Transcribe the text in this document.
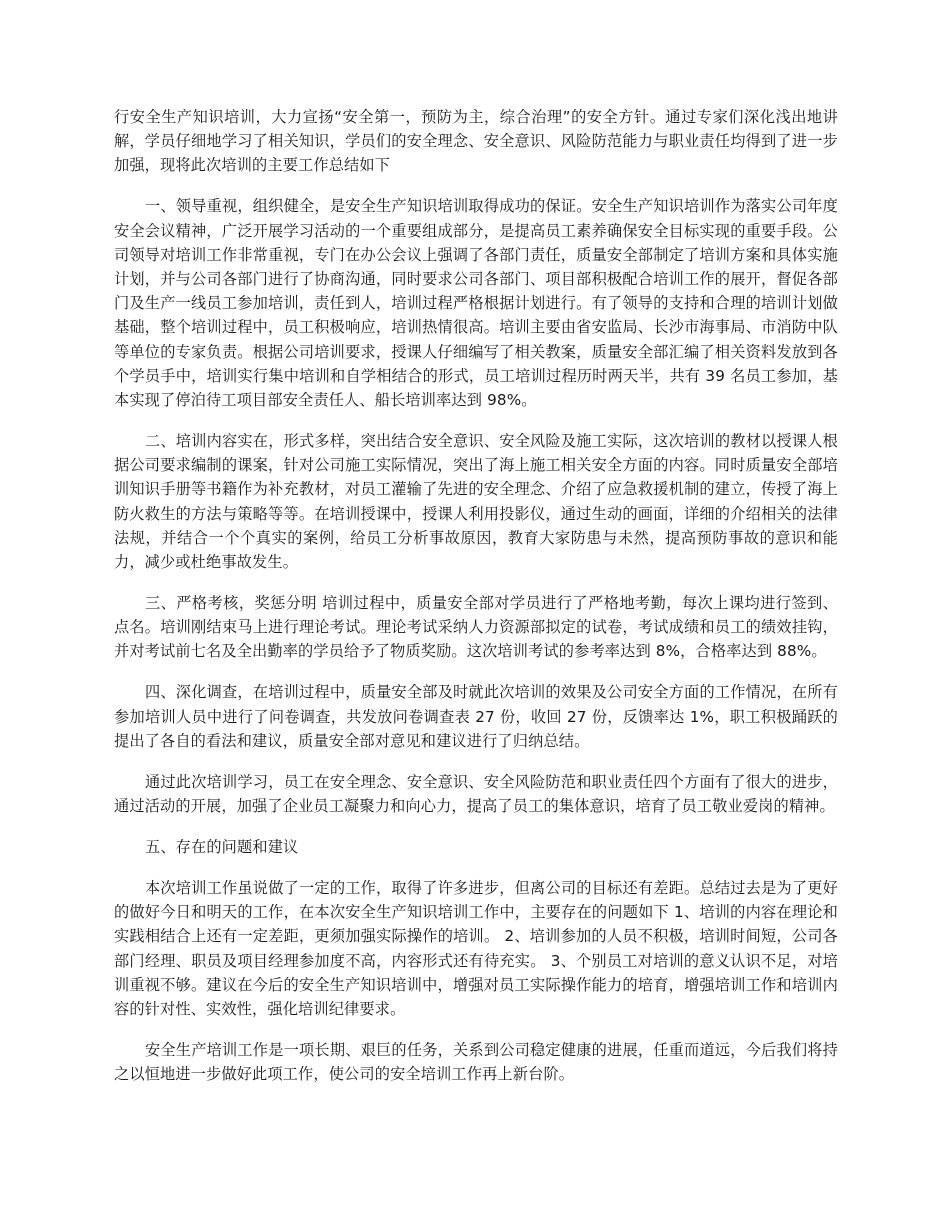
行安全生产知识培训，大力宣扬“安全第一，预防为主，综合治理”的安全方针。通过专家们深化浅出地讲解，学员仔细地学习了相关知识，学员们的安全理念、安全意识、风险防范能力与职业责任均得到了进一步加强，现将此次培训的主要工作总结如下

一、领导重视，组织健全，是安全生产知识培训取得成功的保证。安全生产知识培训作为落实公司年度安全会议精神，广泛开展学习活动的一个重要组成部分，是提高员工素养确保安全目标实现的重要手段。公司领导对培训工作非常重视，专门在办公会议上强调了各部门责任，质量安全部制定了培训方案和具体实施计划，并与公司各部门进行了协商沟通，同时要求公司各部门、项目部积极配合培训工作的展开，督促各部门及生产一线员工参加培训，责任到人，培训过程严格根据计划进行。有了领导的支持和合理的培训计划做基础，整个培训过程中，员工积极响应，培训热情很高。培训主要由省安监局、长沙市海事局、市消防中队等单位的专家负责。根据公司培训要求，授课人仔细编写了相关教案，质量安全部汇编了相关资料发放到各个学员手中，培训实行集中培训和自学相结合的形式，员工培训过程历时两天半，共有 39 名员工参加，基本实现了停泊待工项目部安全责任人、船长培训率达到 98%。

二、培训内容实在，形式多样，突出结合安全意识、安全风险及施工实际，这次培训的教材以授课人根据公司要求编制的课案，针对公司施工实际情况，突出了海上施工相关安全方面的内容。同时质量安全部培训知识手册等书籍作为补充教材，对员工灌输了先进的安全理念、介绍了应急救援机制的建立，传授了海上防火救生的方法与策略等等。在培训授课中，授课人利用投影仪，通过生动的画面，详细的介绍相关的法律法规，并结合一个个真实的案例，给员工分析事故原因，教育大家防患与未然，提高预防事故的意识和能力，减少或杜绝事故发生。

三、严格考核，奖惩分明 培训过程中，质量安全部对学员进行了严格地考勤，每次上课均进行签到、点名。培训刚结束马上进行理论考试。理论考试采纳人力资源部拟定的试卷，考试成绩和员工的绩效挂钩，并对考试前七名及全出勤率的学员给予了物质奖励。这次培训考试的参考率达到 8%，合格率达到 88%。

四、深化调查，在培训过程中，质量安全部及时就此次培训的效果及公司安全方面的工作情况，在所有参加培训人员中进行了问卷调查，共发放问卷调查表 27 份，收回 27 份，反馈率达 1%，职工积极踊跃的提出了各自的看法和建议，质量安全部对意见和建议进行了归纳总结。

通过此次培训学习，员工在安全理念、安全意识、安全风险防范和职业责任四个方面有了很大的进步，通过活动的开展，加强了企业员工凝聚力和向心力，提高了员工的集体意识，培育了员工敬业爱岗的精神。

五、存在的问题和建议

本次培训工作虽说做了一定的工作，取得了许多进步，但离公司的目标还有差距。总结过去是为了更好的做好今日和明天的工作，在本次安全生产知识培训工作中，主要存在的问题如下 1、培训的内容在理论和实践相结合上还有一定差距，更须加强实际操作的培训。 2、培训参加的人员不积极，培训时间短，公司各部门经理、职员及项目经理参加度不高，内容形式还有待充实。 3、个别员工对培训的意义认识不足，对培训重视不够。建议在今后的安全生产知识培训中，增强对员工实际操作能力的培育，增强培训工作和培训内容的针对性、实效性，强化培训纪律要求。

安全生产培训工作是一项长期、艰巨的任务，关系到公司稳定健康的进展，任重而道远，今后我们将持之以恒地进一步做好此项工作，使公司的安全培训工作再上新台阶。
